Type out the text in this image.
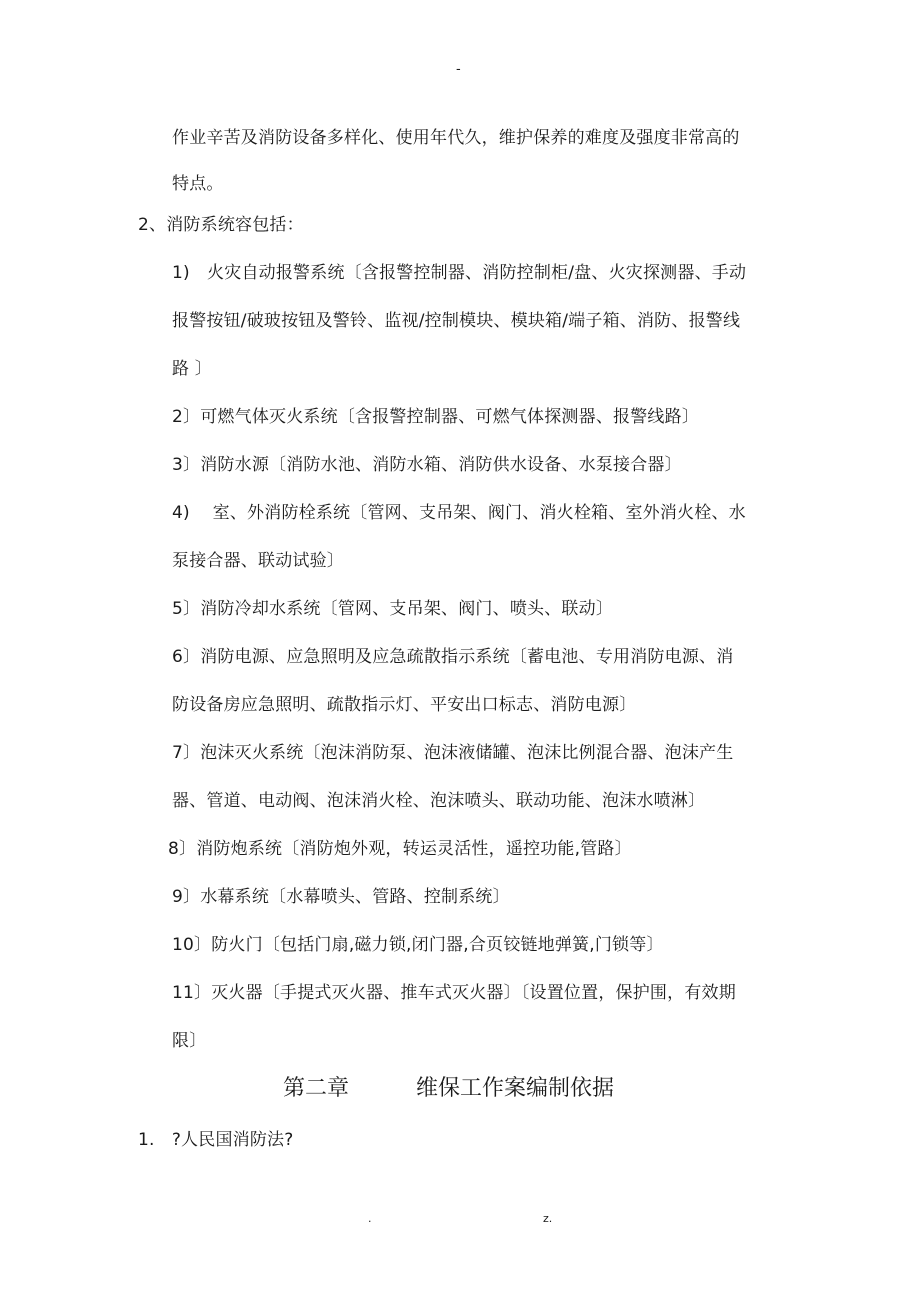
-
作业辛苦及消防设备多样化、使用年代久，维护保养的难度及强度非常高的
特点。
2、消防系统容包括：
1)　火灾自动报警系统〔含报警控制器、消防控制柜/盘、火灾探测器、手动
报警按钮/破玻按钮及警铃、监视/控制模块、模块箱/端子箱、消防、报警线
路 〕
2〕可燃气体灭火系统〔含报警控制器、可燃气体探测器、报警线路〕
3〕消防水源〔消防水池、消防水箱、消防供水设备、水泵接合器〕
4)　 室、外消防栓系统〔管网、支吊架、阀门、消火栓箱、室外消火栓、水
泵接合器、联动试验〕
5〕消防冷却水系统〔管网、支吊架、阀门、喷头、联动〕
6〕消防电源、应急照明及应急疏散指示系统〔蓄电池、专用消防电源、消
防设备房应急照明、疏散指示灯、平安出口标志、消防电源〕
7〕泡沫灭火系统〔泡沫消防泵、泡沫液储罐、泡沫比例混合器、泡沫产生
器、管道、电动阀、泡沫消火栓、泡沫喷头、联动功能、泡沫水喷淋〕
8〕消防炮系统〔消防炮外观，转运灵活性，遥控功能,管路〕
9〕水幕系统〔水幕喷头、管路、控制系统〕
10〕防火门〔包括门扇,磁力锁,闭门器,合页铰链地弹簧,门锁等〕
11〕灭火器〔手提式灭火器、推车式灭火器〕〔设置位置，保护围，有效期
限〕
第二章	维保工作案编制依据
1.　?人民国消防法?
.	z.
